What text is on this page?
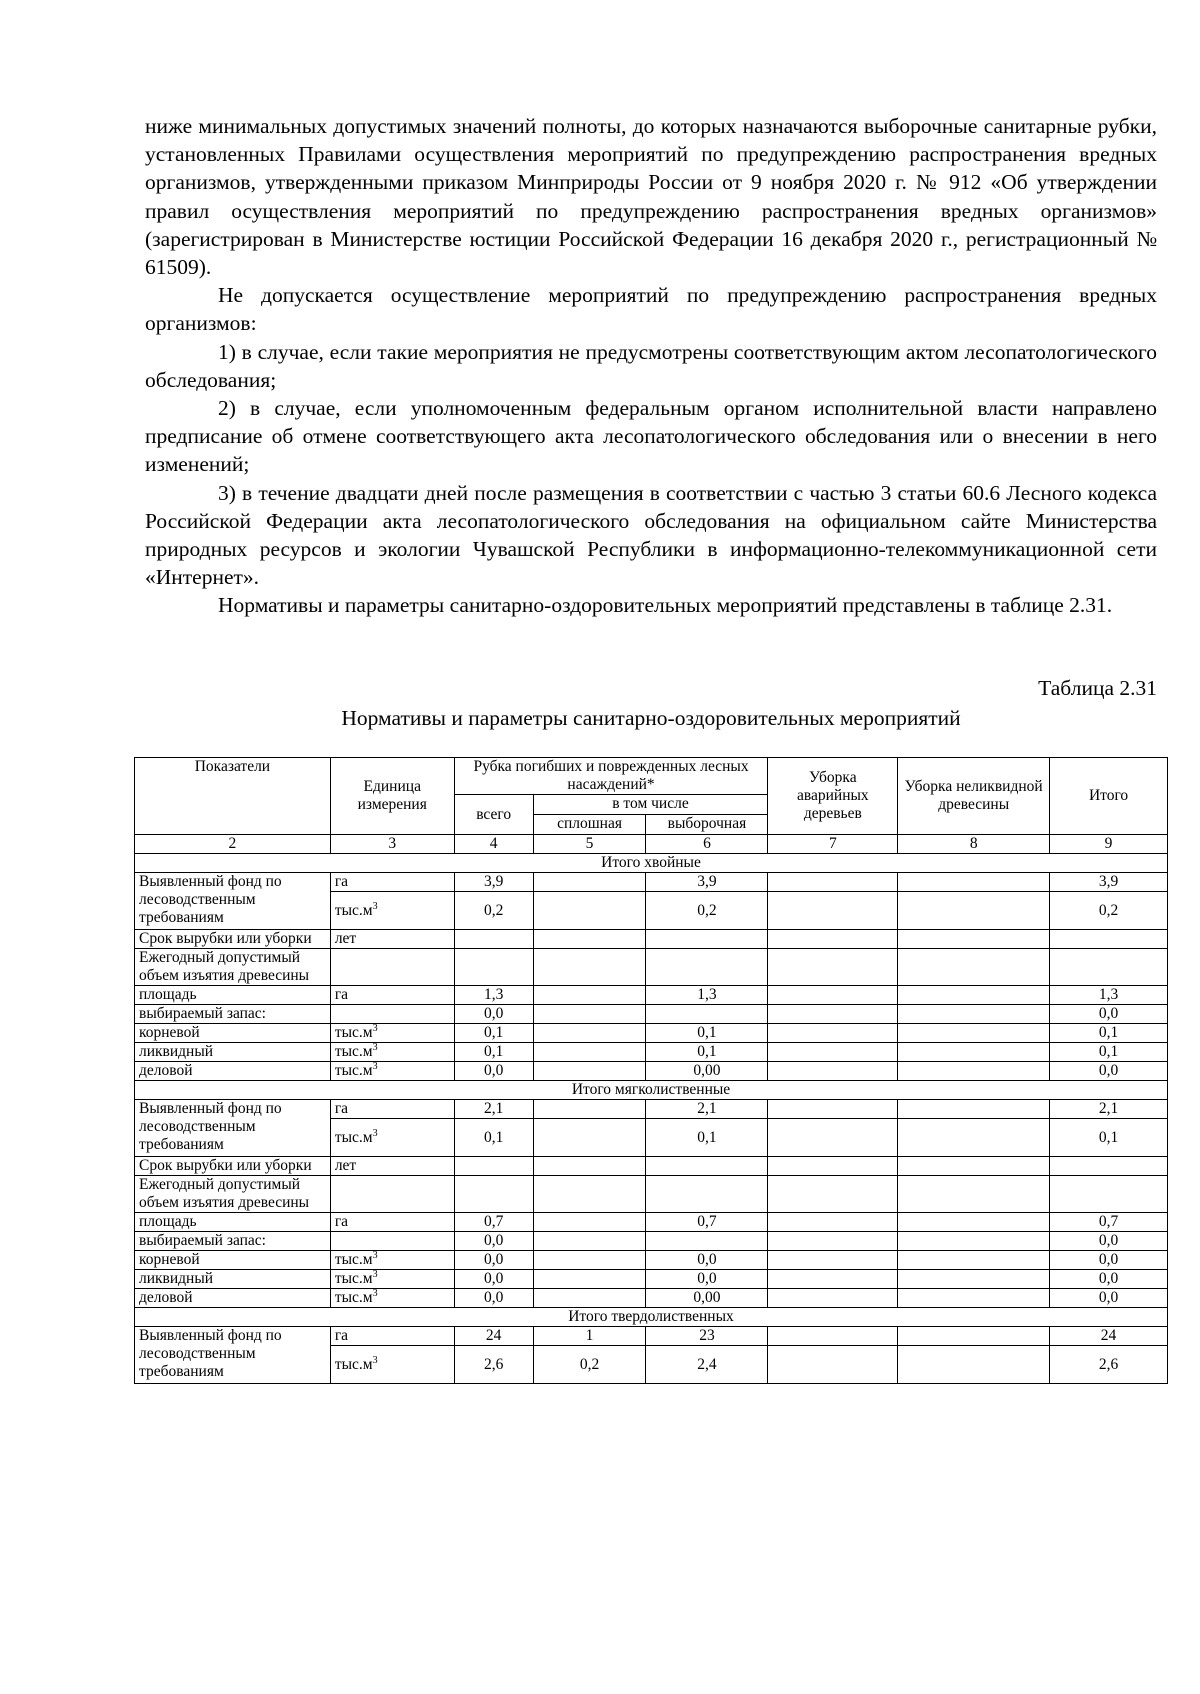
ниже минимальных допустимых значений полноты, до которых назначаются выборочные санитарные рубки, установленных Правилами осуществления мероприятий по предупреждению распространения вредных организмов, утвержденными приказом Минприроды России от 9 ноября 2020 г. № 912 «Об утверждении правил осуществления мероприятий по предупреждению распространения вредных организмов» (зарегистрирован в Министерстве юстиции Российской Федерации 16 декабря 2020 г., регистрационный № 61509).

Не допускается осуществление мероприятий по предупреждению распространения вредных организмов:

1) в случае, если такие мероприятия не предусмотрены соответствующим актом лесопатологического обследования;

2) в случае, если уполномоченным федеральным органом исполнительной власти направлено предписание об отмене соответствующего акта лесопатологического обследования или о внесении в него изменений;

3) в течение двадцати дней после размещения в соответствии с частью 3 статьи 60.6 Лесного кодекса Российской Федерации акта лесопатологического обследования на официальном сайте Министерства природных ресурсов и экологии Чувашской Республики в информационно-телекоммуникационной сети «Интернет».

Нормативы и параметры санитарно-оздоровительных мероприятий представлены в таблице 2.31.

Таблица 2.31
Нормативы и параметры санитарно-оздоровительных мероприятий
Показатели	Единица измерения	Рубка погибших и поврежденных лесных насаждений*			Уборка аварийных деревьев	Уборка неликвидной древесины	Итого
		всего	в том числе				
			сплошная	выборочная			
2	3	4	5	6	7	8	9
Итого хвойные							
Выявленный фонд по лесоводственным требованиям	га	3,9		3,9			3,9
	$тыс.м^3$	0,2		0,2			0,2
Срок вырубки или уборки	лет						
Ежегодный допустимый объем изъятия древесины							
площадь	га	1,3		1,3			1,3
выбираемый запас:		0,0					0,0
корневой	$тыс.м^3$	0,1		0,1			0,1
ликвидный	$тыс.м^3$	0,1		0,1			0,1
деловой	$тыс.м^3$	0,0		0,00			0,0
Итого мягколиственные							
Выявленный фонд по лесоводственным требованиям	га	2,1		2,1			2,1
	$тыс.м^3$	0,1		0,1			0,1
Срок вырубки или уборки	лет						
Ежегодный допустимый объем изъятия древесины							
площадь	га	0,7		0,7			0,7
выбираемый запас:		0,0					0,0
корневой	$тыс.м^3$	0,0		0,0			0,0
ликвидный	$тыс.м^3$	0,0		0,0			0,0
деловой	$тыс.м^3$	0,0		0,00			0,0
Итого твердолиственных							
Выявленный фонд по лесоводственным требованиям	га	24	1	23			24
	$тыс.м^3$	2,6	0,2	2,4			2,6
